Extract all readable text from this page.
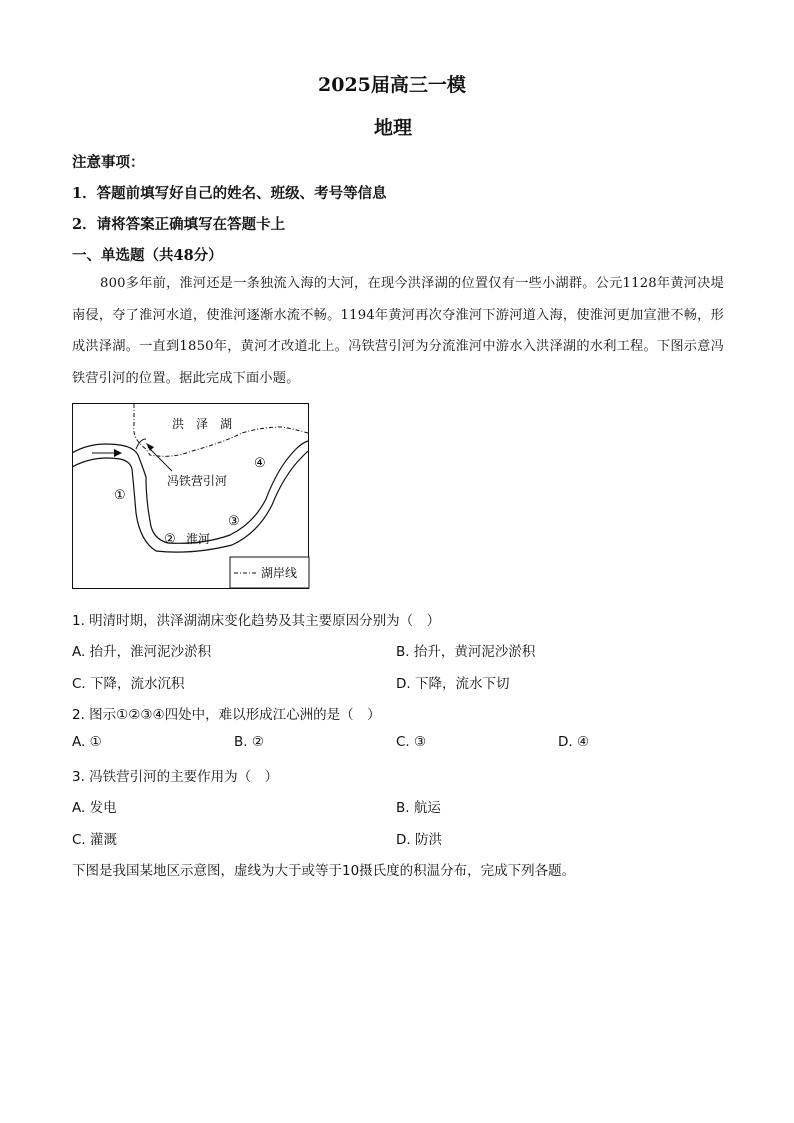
2025届高三一模
地理
注意事项：
1．答题前填写好自己的姓名、班级、考号等信息
2．请将答案正确填写在答题卡上
一、单选题（共48分）
800多年前，淮河还是一条独流入海的大河，在现今洪泽湖的位置仅有一些小湖群。公元1128年黄河决堤南侵，夺了淮河水道，使淮河逐渐水流不畅。1194年黄河再次夺淮河下游河道入海，使淮河更加宣泄不畅，形成洪泽湖。一直到1850年，黄河才改道北上。冯铁营引河为分流淮河中游水入洪泽湖的水利工程。下图示意冯铁营引河的位置。据此完成下面小题。
洪　泽　湖
冯铁营引河
淮河
①
②
③
④
湖岸线
1. 明清时期，洪泽湖湖床变化趋势及其主要原因分别为（　）
A. 抬升，淮河泥沙淤积	B. 抬升，黄河泥沙淤积
C. 下降，流水沉积	D. 下降，流水下切
2. 图示①②③④四处中，难以形成江心洲的是（　）
A. ①	B. ②	C. ③	D. ④
3. 冯铁营引河的主要作用为（　）
A. 发电	B. 航运
C. 灌溉	D. 防洪
下图是我国某地区示意图，虚线为大于或等于10摄氏度的积温分布，完成下列各题。
